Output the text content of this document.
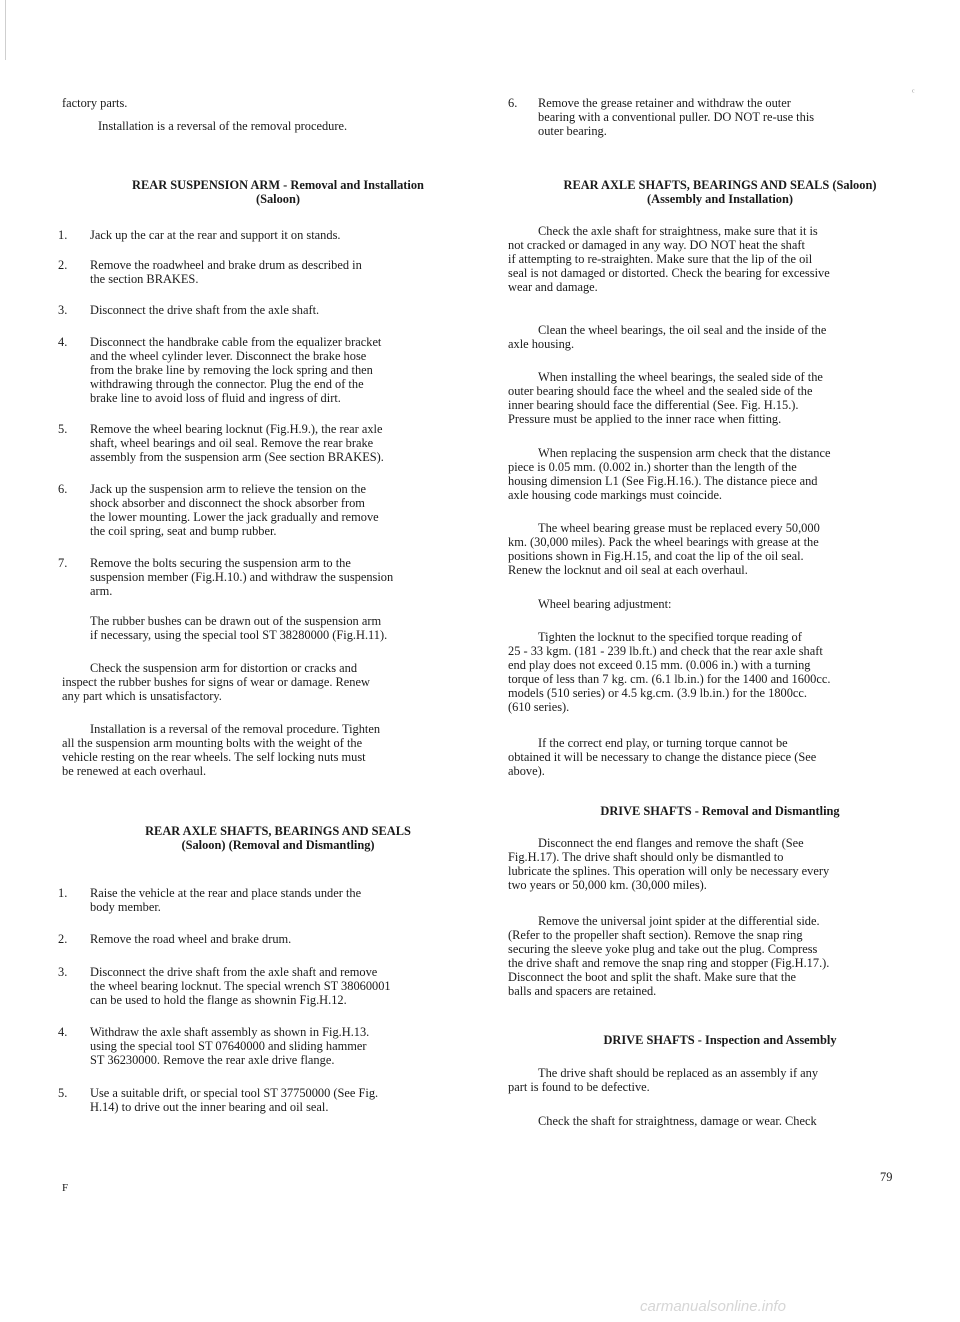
ᶜ
factory parts.
Installation is a reversal of the removal procedure.
REAR SUSPENSION ARM - Removal and Installation
(Saloon)
1. Jack up the car at the rear and support it on stands.
2. Remove the roadwheel and brake drum as described in
the section BRAKES.
3. Disconnect the drive shaft from the axle shaft.
4. Disconnect the handbrake cable from the equalizer bracket
and the wheel cylinder lever. Disconnect the brake hose
from the brake line by removing the lock spring and then
withdrawing through the connector. Plug the end of the
brake line to avoid loss of fluid and ingress of dirt.
5. Remove the wheel bearing locknut (Fig.H.9.), the rear axle
shaft, wheel bearings and oil seal. Remove the rear brake
assembly from the suspension arm (See section BRAKES).
6. Jack up the suspension arm to relieve the tension on the
shock absorber and disconnect the shock absorber from
the lower mounting. Lower the jack gradually and remove
the coil spring, seat and bump rubber.
7. Remove the bolts securing the suspension arm to the
suspension member (Fig.H.10.) and withdraw the suspension
arm.
The rubber bushes can be drawn out of the suspension arm
if necessary, using the special tool ST 38280000 (Fig.H.11).
Check the suspension arm for distortion or cracks and
inspect the rubber bushes for signs of wear or damage. Renew
any part which is unsatisfactory.
Installation is a reversal of the removal procedure. Tighten
all the suspension arm mounting bolts with the weight of the
vehicle resting on the rear wheels. The self locking nuts must
be renewed at each overhaul.
REAR AXLE SHAFTS, BEARINGS AND SEALS
(Saloon) (Removal and Dismantling)
1. Raise the vehicle at the rear and place stands under the
body member.
2. Remove the road wheel and brake drum.
3. Disconnect the drive shaft from the axle shaft and remove
the wheel bearing locknut. The special wrench ST 38060001
can be used to hold the flange as shownin Fig.H.12.
4. Withdraw the axle shaft assembly as shown in Fig.H.13.
using the special tool ST 07640000 and sliding hammer
ST 36230000. Remove the rear axle drive flange.
5. Use a suitable drift, or special tool ST 37750000 (See Fig.
H.14) to drive out the inner bearing and oil seal.
F
6. Remove the grease retainer and withdraw the outer
bearing with a conventional puller. DO NOT re-use this
outer bearing.
REAR AXLE SHAFTS, BEARINGS AND SEALS (Saloon)
(Assembly and Installation)
Check the axle shaft for straightness, make sure that it is
not cracked or damaged in any way. DO NOT heat the shaft
if attempting to re-straighten. Make sure that the lip of the oil
seal is not damaged or distorted. Check the bearing for excessive
wear and damage.
Clean the wheel bearings, the oil seal and the inside of the
axle housing.
When installing the wheel bearings, the sealed side of the
outer bearing should face the wheel and the sealed side of the
inner bearing should face the differential (See. Fig. H.15.).
Pressure must be applied to the inner race when fitting.
When replacing the suspension arm check that the distance
piece is 0.05 mm. (0.002 in.) shorter than the length of the
housing dimension L1 (See Fig.H.16.). The distance piece and
axle housing code markings must coincide.
The wheel bearing grease must be replaced every 50,000
km. (30,000 miles). Pack the wheel bearings with grease at the
positions shown in Fig.H.15, and coat the lip of the oil seal.
Renew the locknut and oil seal at each overhaul.
Wheel bearing adjustment:
Tighten the locknut to the specified torque reading of
25 - 33 kgm. (181 - 239 lb.ft.) and check that the rear axle shaft
end play does not exceed 0.15 mm. (0.006 in.) with a turning
torque of less than 7 kg. cm. (6.1 lb.in.) for the 1400 and 1600cc.
models (510 series) or 4.5 kg.cm. (3.9 lb.in.) for the 1800cc.
(610 series).
If the correct end play, or turning torque cannot be
obtained it will be necessary to change the distance piece (See
above).
DRIVE SHAFTS - Removal and Dismantling
Disconnect the end flanges and remove the shaft (See
Fig.H.17). The drive shaft should only be dismantled to
lubricate the splines. This operation will only be necessary every
two years or 50,000 km. (30,000 miles).
Remove the universal joint spider at the differential side.
(Refer to the propeller shaft section). Remove the snap ring
securing the sleeve yoke plug and take out the plug. Compress
the drive shaft and remove the snap ring and stopper (Fig.H.17.).
Disconnect the boot and split the shaft. Make sure that the
balls and spacers are retained.
DRIVE SHAFTS - Inspection and Assembly
The drive shaft should be replaced as an assembly if any
part is found to be defective.
Check the shaft for straightness, damage or wear. Check
79
carmanualsonline.info
